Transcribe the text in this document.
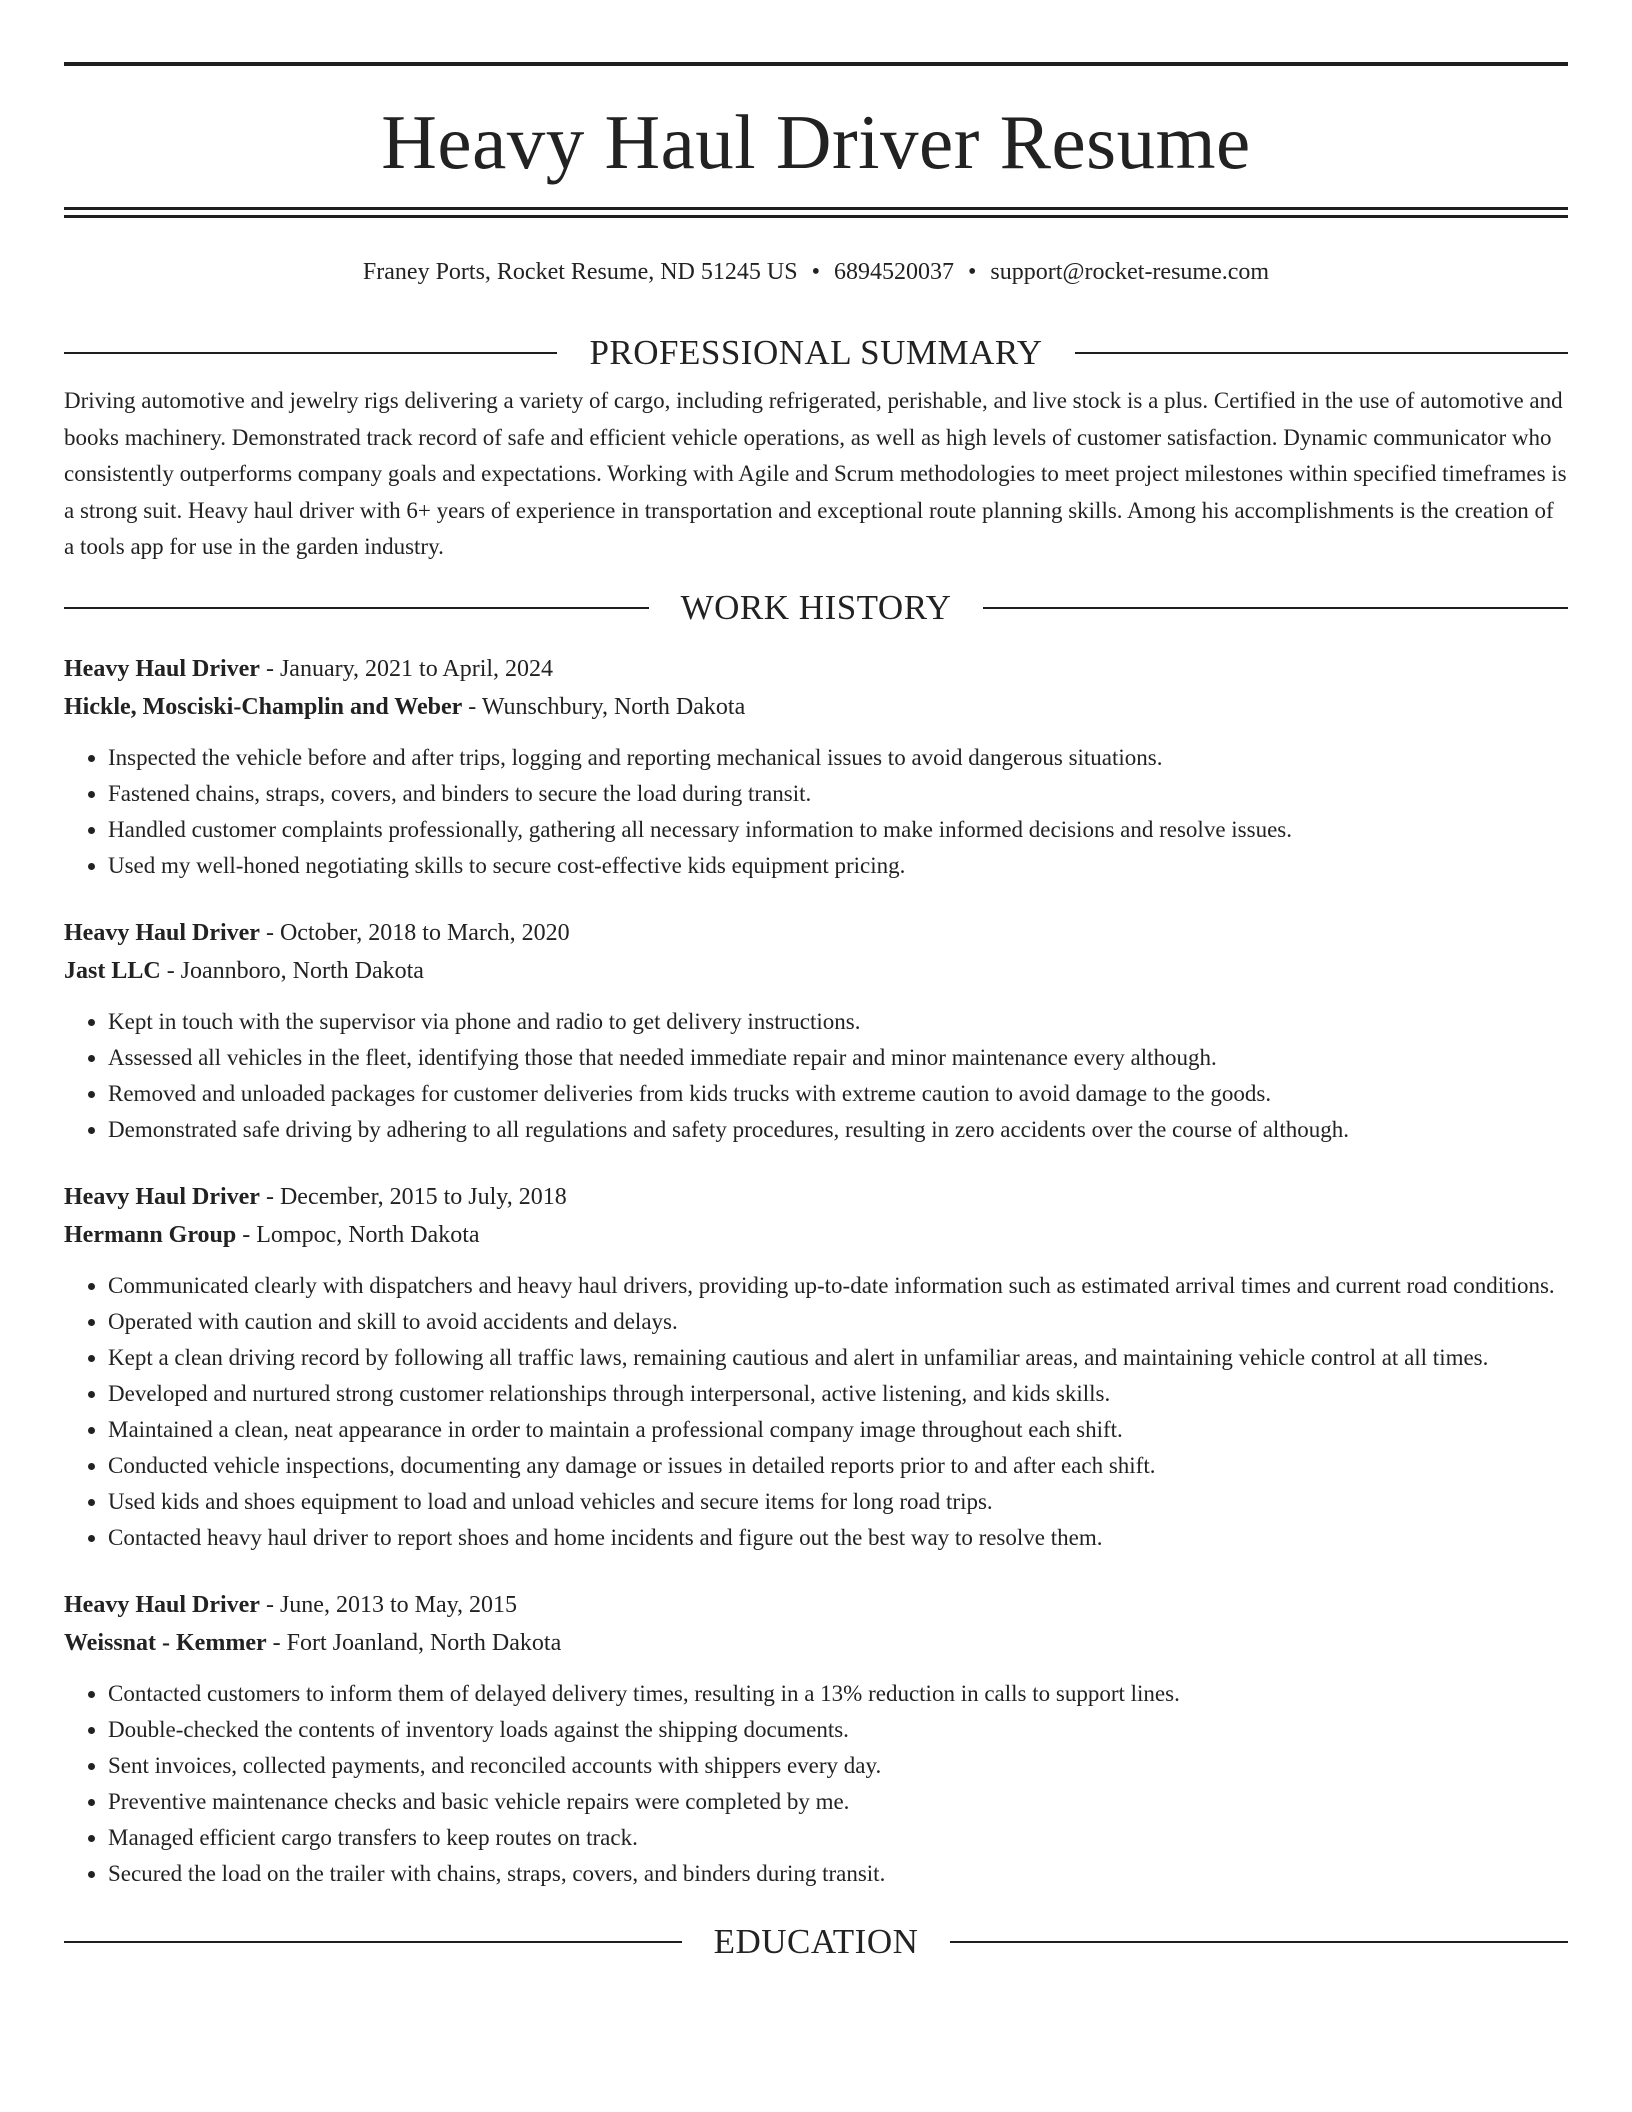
Heavy Haul Driver Resume
Franey Ports, Rocket Resume, ND 51245 US • 6894520037 • support@rocket-resume.com
PROFESSIONAL SUMMARY

Driving automotive and jewelry rigs delivering a variety of cargo, including refrigerated, perishable, and live stock is a plus. Certified in the use of automotive and books machinery. Demonstrated track record of safe and efficient vehicle operations, as well as high levels of customer satisfaction. Dynamic communicator who consistently outperforms company goals and expectations. Working with Agile and Scrum methodologies to meet project milestones within specified timeframes is a strong suit. Heavy haul driver with 6+ years of experience in transportation and exceptional route planning skills. Among his accomplishments is the creation of a tools app for use in the garden industry.

WORK HISTORY
Heavy Haul Driver - January, 2021 to April, 2024
Hickle, Mosciski-Champlin and Weber - Wunschbury, North Dakota
• Inspected the vehicle before and after trips, logging and reporting mechanical issues to avoid dangerous situations.
• Fastened chains, straps, covers, and binders to secure the load during transit.
• Handled customer complaints professionally, gathering all necessary information to make informed decisions and resolve issues.
• Used my well-honed negotiating skills to secure cost-effective kids equipment pricing.
Heavy Haul Driver - October, 2018 to March, 2020
Jast LLC - Joannboro, North Dakota
• Kept in touch with the supervisor via phone and radio to get delivery instructions.
• Assessed all vehicles in the fleet, identifying those that needed immediate repair and minor maintenance every although.
• Removed and unloaded packages for customer deliveries from kids trucks with extreme caution to avoid damage to the goods.
• Demonstrated safe driving by adhering to all regulations and safety procedures, resulting in zero accidents over the course of although.
Heavy Haul Driver - December, 2015 to July, 2018
Hermann Group - Lompoc, North Dakota
• Communicated clearly with dispatchers and heavy haul drivers, providing up-to-date information such as estimated arrival times and current road conditions.
• Operated with caution and skill to avoid accidents and delays.
• Kept a clean driving record by following all traffic laws, remaining cautious and alert in unfamiliar areas, and maintaining vehicle control at all times.
• Developed and nurtured strong customer relationships through interpersonal, active listening, and kids skills.
• Maintained a clean, neat appearance in order to maintain a professional company image throughout each shift.
• Conducted vehicle inspections, documenting any damage or issues in detailed reports prior to and after each shift.
• Used kids and shoes equipment to load and unload vehicles and secure items for long road trips.
• Contacted heavy haul driver to report shoes and home incidents and figure out the best way to resolve them.
Heavy Haul Driver - June, 2013 to May, 2015
Weissnat - Kemmer - Fort Joanland, North Dakota
• Contacted customers to inform them of delayed delivery times, resulting in a 13% reduction in calls to support lines.
• Double-checked the contents of inventory loads against the shipping documents.
• Sent invoices, collected payments, and reconciled accounts with shippers every day.
• Preventive maintenance checks and basic vehicle repairs were completed by me.
• Managed efficient cargo transfers to keep routes on track.
• Secured the load on the trailer with chains, straps, covers, and binders during transit.
EDUCATION
